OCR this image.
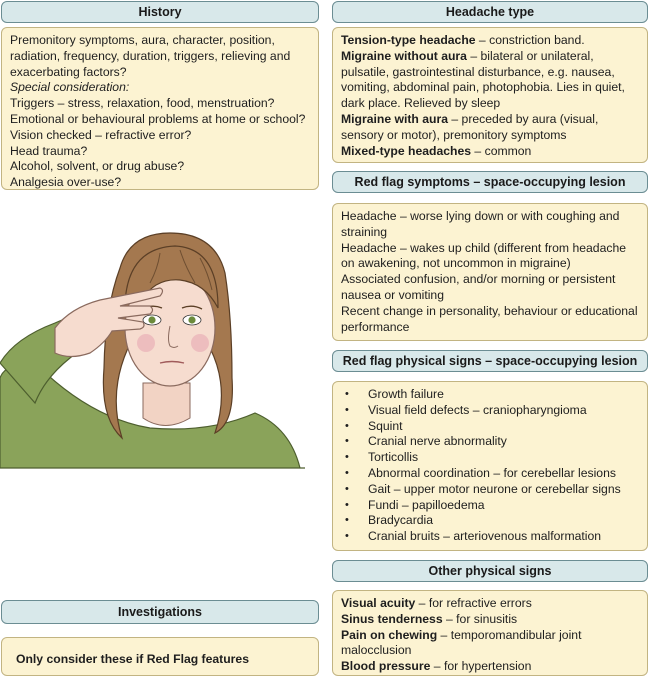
History
Premonitory symptoms, aura, character, position,
radiation, frequency, duration, triggers, relieving and
exacerbating factors?
Special consideration:
Triggers – stress, relaxation, food, menstruation?
Emotional or behavioural problems at home or school?
Vision checked – refractive error?
Head trauma?
Alcohol, solvent, or drug abuse?
Analgesia over-use?
Headache type
Tension-type headache – constriction band.
Migraine without aura – bilateral or unilateral, pulsatile, gastrointestinal disturbance, e.g. nausea, vomiting, abdominal pain, photophobia. Lies in quiet, dark place. Relieved by sleep
Migraine with aura – preceded by aura (visual, sensory or motor), premonitory symptoms
Mixed-type headaches – common
Red flag symptoms – space-occupying lesion
Headache – worse lying down or with coughing and straining
Headache – wakes up child (different from headache on awakening, not uncommon in migraine)
Associated confusion, and/or morning or persistent nausea or vomiting
Recent change in personality, behaviour or educational performance
Red flag physical signs – space-occupying lesion
• Growth failure
• Visual field defects – craniopharyngioma
• Squint
• Cranial nerve abnormality
• Torticollis
• Abnormal coordination – for cerebellar lesions
• Gait – upper motor neurone or cerebellar signs
• Fundi – papilloedema
• Bradycardia
• Cranial bruits – arteriovenous malformation
Other physical signs
Visual acuity – for refractive errors
Sinus tenderness – for sinusitis
Pain on chewing – temporomandibular joint malocclusion
Blood pressure – for hypertension
Investigations
Only consider these if Red Flag features
